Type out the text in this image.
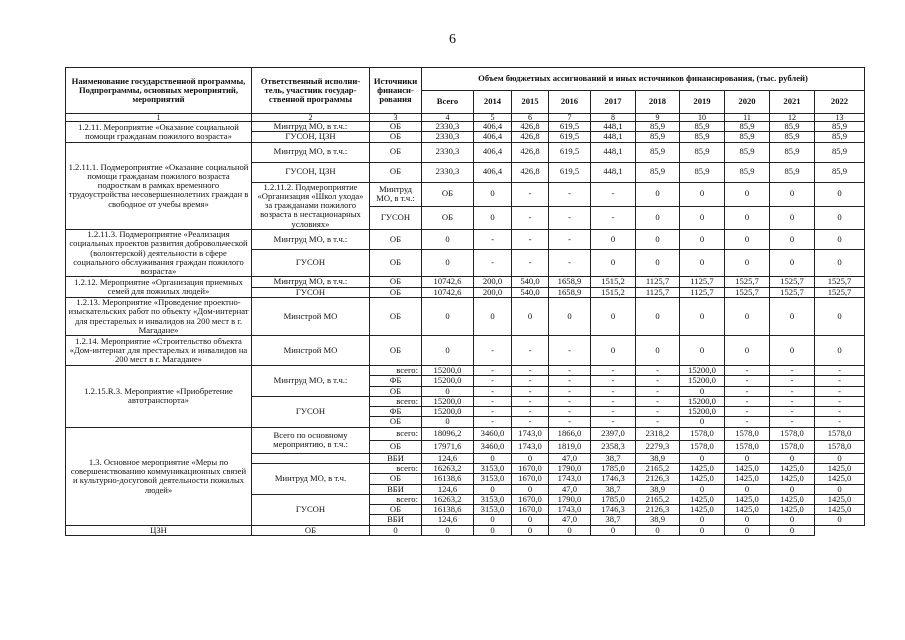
6
Наименование государственной программы, Подпрограммы, основных мероприятий, мероприятий	Ответственный исполни-тель, участник государ-ственной программы	Источники финанси-рования	Объем бюджетных ассигнований и иных источников финансирования, (тыс. рублей)										
			Всего	2014	2015	2016	2017	2018	2019	2020	2021	2022	
1	2	3	4	5	6	7	8	9	10	11	12	13	
1.2.11. Мероприятие «Оказание социальной помощи гражданам пожилого возраста»	Минтруд МО, в т.ч.:	ОБ	2330,3	406,4	426,8	619,5	448,1	85,9	85,9	85,9	85,9	85,9	
	ГУСОН, ЦЗН	ОБ	2330,3	406,4	426,8	619,5	448,1	85,9	85,9	85,9	85,9	85,9	
1.2.11.1. Подмероприятие «Оказание социальной помощи гражданам пожилого возраста подросткам в рамках временного трудоустройства несовершеннолетних граждан в свободное от учебы время»	Минтруд МО, в т.ч.:	ОБ	2330,3	406,4	426,8	619,5	448,1	85,9	85,9	85,9	85,9	85,9	
	ГУСОН, ЦЗН	ОБ	2330,3	406,4	426,8	619,5	448,1	85,9	85,9	85,9	85,9	85,9	
	1.2.11.2. Подмероприятие «Организация «Школ ухода» за гражданами пожилого возраста в нестационарных условиях»	Минтруд МО, в т.ч.:	ОБ	0	-	-	-	0	0	0	0	0	
		ГУСОН	ОБ	0	-	-	-	0	0	0	0	0	
1.2.11.3. Подмероприятие «Реализация социальных проектов развития добровольческой (волонтерской) деятельности в сфере социального обслуживания граждан пожилого возраста»	Минтруд МО, в т.ч.:	ОБ	0	-	-	-	0	0	0	0	0	0	
	ГУСОН	ОБ	0	-	-	-	0	0	0	0	0	0	
1.2.12. Мероприятие «Организация приемных семей для пожилых людей»	Минтруд МО, в т.ч.:	ОБ	10742,6	200,0	540,0	1658,9	1515,2	1125,7	1125,7	1525,7	1525,7	1525,7	
	ГУСОН	ОБ	10742,6	200,0	540,0	1658,9	1515,2	1125,7	1125,7	1525,7	1525,7	1525,7	
1.2.13. Мероприятие «Проведение проектно-изыскательских работ по объекту «Дом-интернат для престарелых и инвалидов на 200 мест в г. Магадане»	Минстрой МО	ОБ	0	0	0	0	0	0	0	0	0	0	
1.2.14. Мероприятие «Строительство объекта «Дом-интернат для престарелых и инвалидов на 200 мест в г. Магадане»	Минстрой МО	ОБ	0	-	-	-	0	0	0	0	0	0	
1.2.15.R.3. Мероприятие «Приобретение автотранспорта»	Минтруд МО, в т.ч.:	всего:	15200,0	-	-	-	-	-	15200,0	-	-	-	
		ФБ	15200,0	-	-	-	-	-	15200,0	-	-	-	
		ОБ	0	-	-	-	-	-	0	-	-	-	
	ГУСОН	всего:	15200,0	-	-	-	-	-	15200,0	-	-	-	
		ФБ	15200,0	-	-	-	-	-	15200,0	-	-	-	
		ОБ	0	-	-	-	-	-	0	-	-	-	
1.3. Основное мероприятие «Меры по совершенствованию коммуникационных связей и культурно-досуговой деятельности пожилых людей»	Всего по основному мероприятию, в т.ч.:	всего:	18096,2	3460,0	1743,0	1866,0	2397,0	2318,2	1578,0	1578,0	1578,0	1578,0	
		ОБ	17971,6	3460,0	1743,0	1819,0	2358,3	2279,3	1578,0	1578,0	1578,0	1578,0	
		ВБИ	124,6	0	0	47,0	38,7	38,9	0	0	0	0	
	Минтруд МО, в т.ч.	всего:	16263,2	3153,0	1670,0	1790,0	1785,0	2165,2	1425,0	1425,0	1425,0	1425,0	
		ОБ	16138,6	3153,0	1670,0	1743,0	1746,3	2126,3	1425,0	1425,0	1425,0	1425,0	
		ВБИ	124,6	0	0	47,0	38,7	38,9	0	0	0	0	
	ГУСОН	всего:	16263,2	3153,0	1670,0	1790,0	1785,0	2165,2	1425,0	1425,0	1425,0	1425,0	
		ОБ	16138,6	3153,0	1670,0	1743,0	1746,3	2126,3	1425,0	1425,0	1425,0	1425,0	
		ВБИ	124,6	0	0	47,0	38,7	38,9	0	0	0	0	
ЦЗН	ОБ	0	0	0	0	0	0	0	0	0	0		
